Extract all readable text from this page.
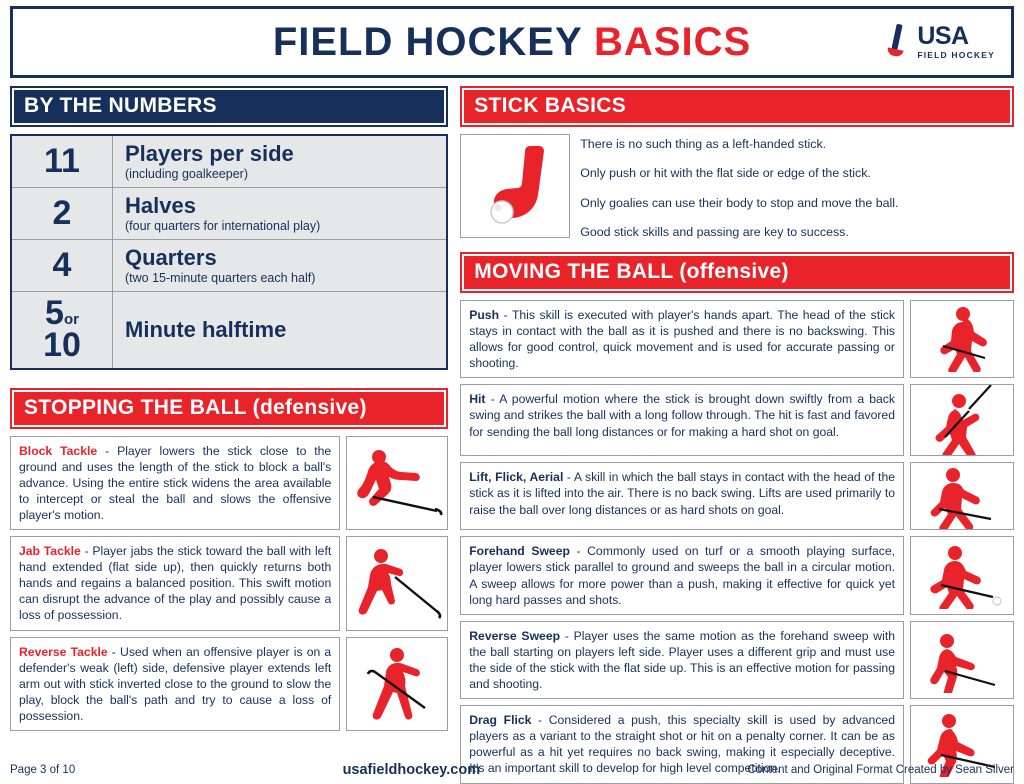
FIELD HOCKEY BASICS	USA
FIELD HOCKEY
BY THE NUMBERS
11	Players per side
(including goalkeeper)

2	Halves
(four quarters for international play)

4	Quarters
(two 15-minute quarters each half)

5or
10	Minute halftime
STOPPING THE BALL (defensive)
Block Tackle - Player lowers the stick close to the ground and uses the length of the stick to block a ball's advance. Using the entire stick widens the area available to intercept or steal the ball and slows the offensive player's motion.
Jab Tackle - Player jabs the stick toward the ball with left hand extended (flat side up), then quickly returns both hands and regains a balanced position. This swift motion can disrupt the advance of the play and possibly cause a loss of possession.
Reverse Tackle - Used when an offensive player is on a defender's weak (left) side, defensive player extends left arm out with stick inverted close to the ground to slow the play, block the ball's path and try to cause a loss of possession.
STICK BASICS
There is no such thing as a left-handed stick.
Only push or hit with the flat side or edge of the stick.
Only goalies can use their body to stop and move the ball.
Good stick skills and passing are key to success.
MOVING THE BALL (offensive)
Push - This skill is executed with player's hands apart. The head of the stick stays in contact with the ball as it is pushed and there is no backswing. This allows for good control, quick movement and is used for accurate passing or shooting.
Hit - A powerful motion where the stick is brought down swiftly from a back swing and strikes the ball with a long follow through. The hit is fast and favored for sending the ball long distances or for making a hard shot on goal.
Lift, Flick, Aerial - A skill in which the ball stays in contact with the head of the stick as it is lifted into the air. There is no back swing. Lifts are used primarily to raise the ball over long distances or as hard shots on goal.
Forehand Sweep - Commonly used on turf or a smooth playing surface, player lowers stick parallel to ground and sweeps the ball in a circular motion. A sweep allows for more power than a push, making it effective for quick yet long hard passes and shots.
Reverse Sweep - Player uses the same motion as the forehand sweep with the ball starting on players left side. Player uses a different grip and must use the side of the stick with the flat side up. This is an effective motion for passing and shooting.
Drag Flick - Considered a push, this specialty skill is used by advanced players as a variant to the straight shot or hit on a penalty corner. It can be as powerful as a hit yet requires no back swing, making it especially deceptive. It's an important skill to develop for high level competition.
Page 3 of 10	usafieldhockey.com	Content and Original Format Created by Sean Silver
